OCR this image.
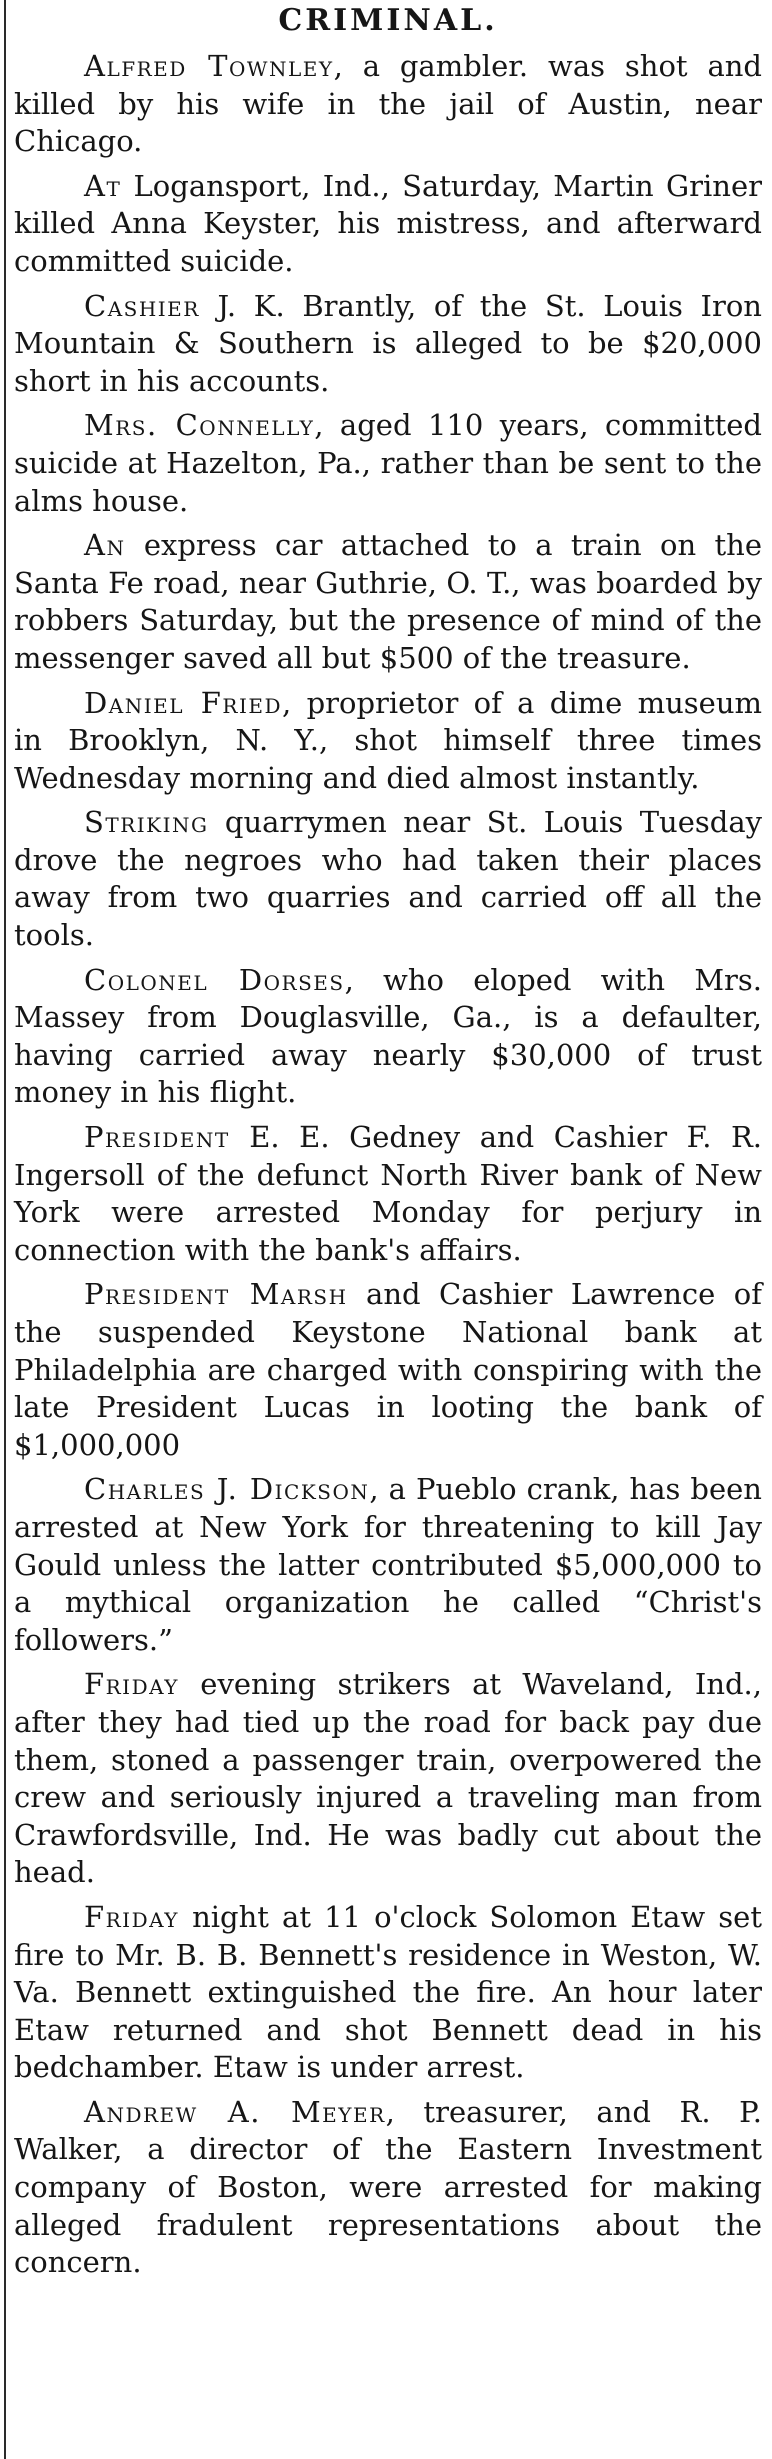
CRIMINAL.

Alfred Townley, a gambler. was shot and killed by his wife in the jail of Austin, near Chicago.

At Logansport, Ind., Saturday, Martin Griner killed Anna Keyster, his mistress, and afterward committed suicide.

Cashier J. K. Brantly, of the St. Louis Iron Mountain & Southern is alleged to be $20,000 short in his accounts.

Mrs. Connelly, aged 110 years, committed suicide at Hazelton, Pa., rather than be sent to the alms house.

An express car attached to a train on the Santa Fe road, near Guthrie, O. T., was boarded by robbers Saturday, but the presence of mind of the messenger saved all but $500 of the treasure.

Daniel Fried, proprietor of a dime museum in Brooklyn, N. Y., shot himself three times Wednesday morning and died almost instantly.

Striking quarrymen near St. Louis Tuesday drove the negroes who had taken their places away from two quarries and carried off all the tools.

Colonel Dorses, who eloped with Mrs. Massey from Douglasville, Ga., is a defaulter, having carried away nearly $30,000 of trust money in his flight.

President E. E. Gedney and Cashier F. R. Ingersoll of the defunct North River bank of New York were arrested Monday for perjury in connection with the bank's affairs.

President Marsh and Cashier Lawrence of the suspended Keystone National bank at Philadelphia are charged with conspiring with the late President Lucas in looting the bank of $1,000,000

Charles J. Dickson, a Pueblo crank, has been arrested at New York for threatening to kill Jay Gould unless the latter contributed $5,000,000 to a mythical organization he called “Christ's followers.”

Friday evening strikers at Waveland, Ind., after they had tied up the road for back pay due them, stoned a passenger train, overpowered the crew and seriously injured a traveling man from Crawfordsville, Ind. He was badly cut about the head.

Friday night at 11 o'clock Solomon Etaw set fire to Mr. B. B. Bennett's residence in Weston, W. Va. Bennett extinguished the fire. An hour later Etaw returned and shot Bennett dead in his bedchamber. Etaw is under arrest.

Andrew A. Meyer, treasurer, and R. P. Walker, a director of the Eastern Investment company of Boston, were arrested for making alleged fradulent representations about the concern.
